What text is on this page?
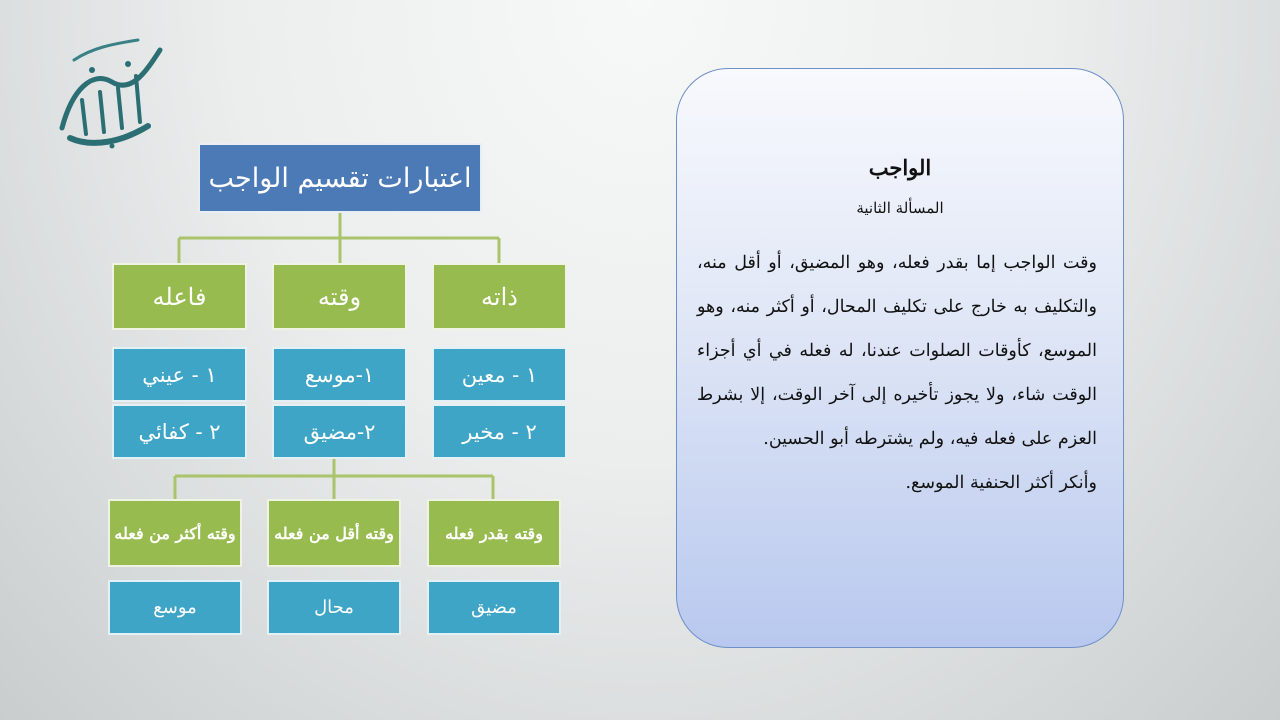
اعتبارات تقسيم الواجب
ذاته
وقته
فاعله
١ - معين
٢ - مخير
١-موسع
٢-مضيق
١ - عيني
٢ - كفائي
وقته بقدر فعله
وقته أقل من فعله
وقته أكثر من فعله
مضيق
محال
موسع
الواجب
المسألة الثانية

وقت الواجب إما بقدر فعله، وهو المضيق، أو أقل منه، والتكليف به خارج على تكليف المحال، أو أكثر منه، وهو الموسع، كأوقات الصلوات عندنا، له فعله في أي أجزاء الوقت شاء، ولا يجوز تأخيره إلى آخر الوقت، إلا بشرط العزم على فعله فيه، ولم يشترطه أبو الحسين.

وأنكر أكثر الحنفية الموسع.
